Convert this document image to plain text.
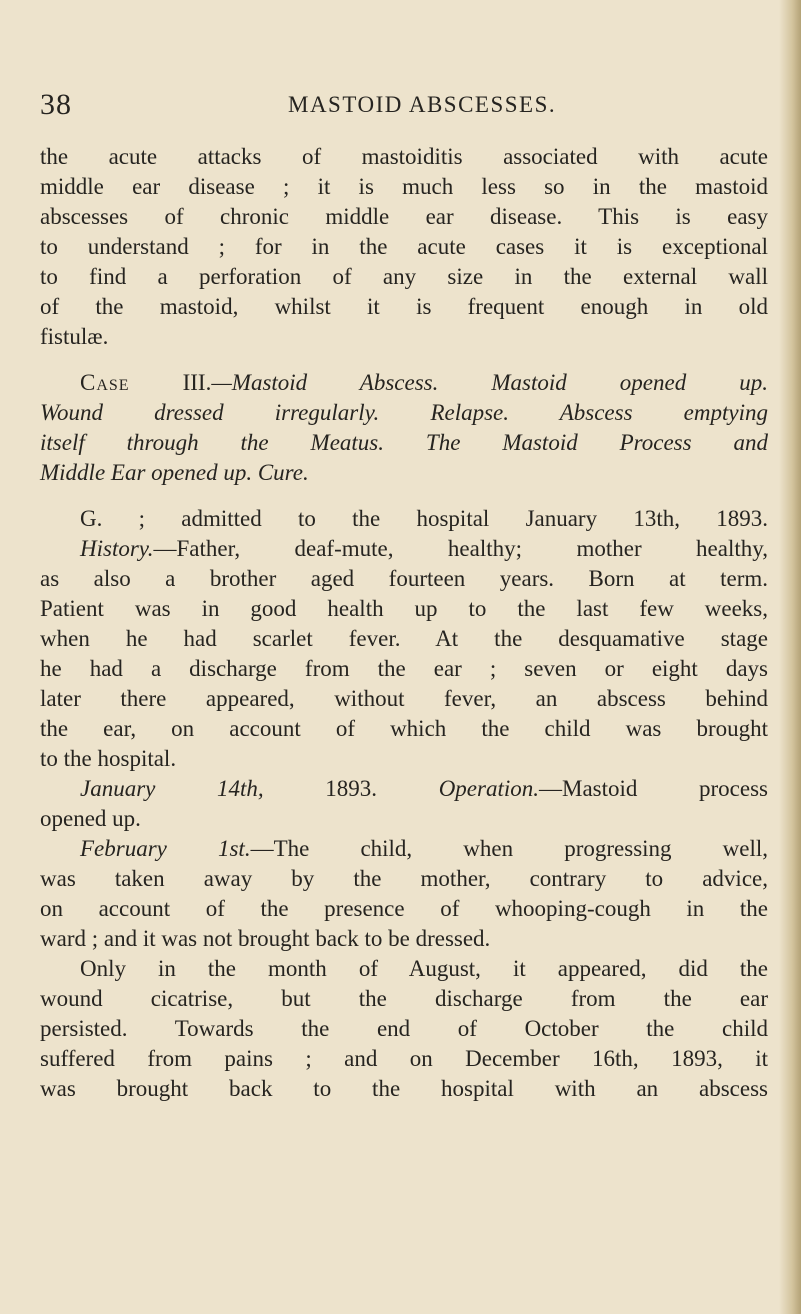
38	MASTOID ABSCESSES.
the acute attacks of mastoiditis associated with acute
middle ear disease ; it is much less so in the mastoid
abscesses of chronic middle ear disease. This is easy
to understand ; for in the acute cases it is exceptional
to find a perforation of any size in the external wall
of the mastoid, whilst it is frequent enough in old
fistulæ.
Case III.—Mastoid Abscess. Mastoid opened up.
Wound dressed irregularly. Relapse. Abscess emptying
itself through the Meatus. The Mastoid Process and
Middle Ear opened up. Cure.
G. ; admitted to the hospital January 13th, 1893.
History.—Father, deaf-mute, healthy; mother healthy,
as also a brother aged fourteen years. Born at term.
Patient was in good health up to the last few weeks,
when he had scarlet fever. At the desquamative stage
he had a discharge from the ear ; seven or eight days
later there appeared, without fever, an abscess behind
the ear, on account of which the child was brought
to the hospital.
January 14th, 1893. Operation.—Mastoid process
opened up.
February 1st.—The child, when progressing well,
was taken away by the mother, contrary to advice,
on account of the presence of whooping-cough in the
ward ; and it was not brought back to be dressed.
Only in the month of August, it appeared, did the
wound cicatrise, but the discharge from the ear
persisted. Towards the end of October the child
suffered from pains ; and on December 16th, 1893, it
was brought back to the hospital with an abscess
